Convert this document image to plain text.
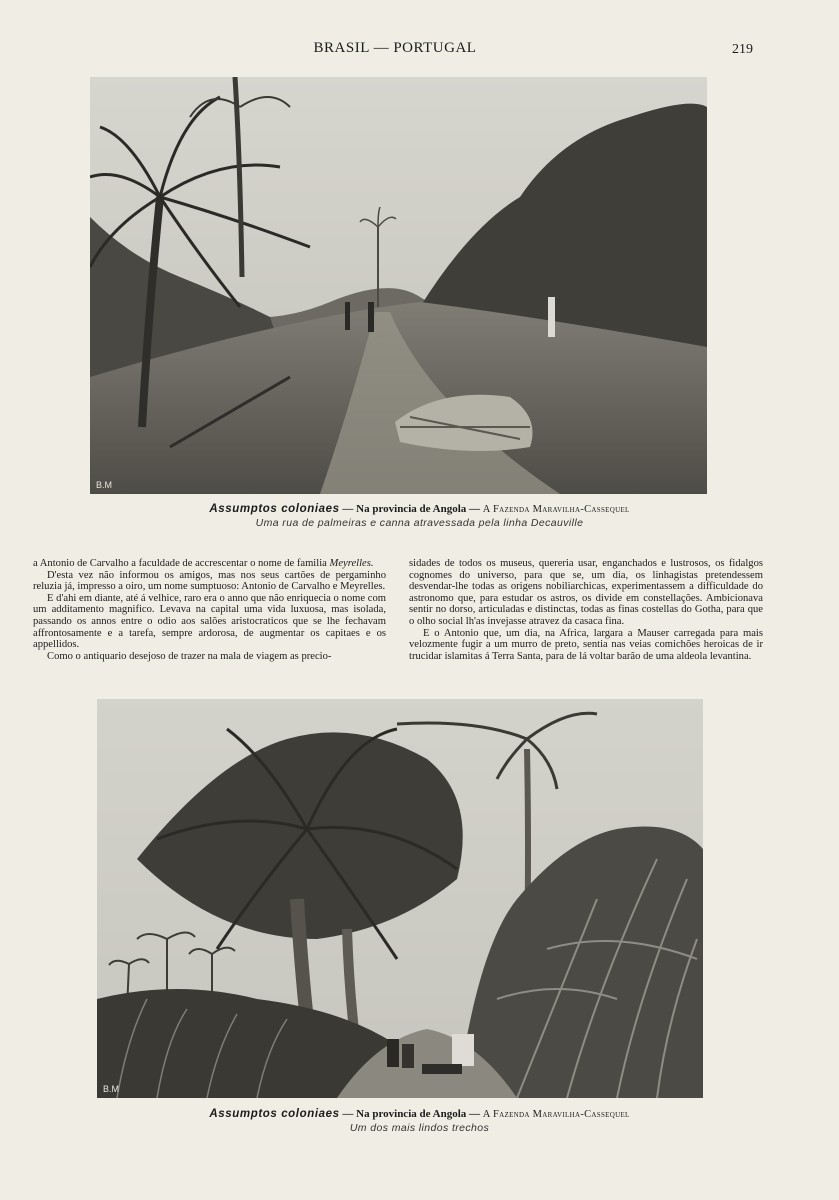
BRASIL — PORTUGAL	219
B.M
Assumptos coloniaes — Na provincia de Angola — A Fazenda Maravilha-Cassequel
Uma rua de palmeiras e canna atravessada pela linha Decauville

a Antonio de Carvalho a faculdade de accrescentar o nome de familia Meyrelles.

D'esta vez não informou os amigos, mas nos seus cartões de pergaminho reluzia já, impresso a oiro, um nome sumptuoso: Antonio de Carvalho e Meyrelles.

E d'ahi em diante, até á velhice, raro era o anno que não enriquecia o nome com um additamento magnifico. Levava na capital uma vida luxuosa, mas isolada, passando os annos entre o odio aos salões aristocraticos que se lhe fechavam affrontosamente e a tarefa, sempre ardorosa, de augmentar os capitaes e os appellidos.

Como o antiquario desejoso de trazer na mala de viagem as precio-

sidades de todos os museus, quereria usar, enganchados e lustrosos, os fidalgos cognomes do universo, para que se, um dia, os linhagistas pretendessem desvendar-lhe todas as origens nobiliarchicas, experimentassem a difficuldade do astronomo que, para estudar os astros, os divide em constellações. Ambicionava sentir no dorso, articuladas e distinctas, todas as finas costellas do Gotha, para que o olho social lh'as invejasse atravez da casaca fina.

E o Antonio que, um dia, na Africa, largara a Mauser carregada para mais velozmente fugir a um murro de preto, sentia nas veias comichões heroicas de ir trucidar islamitas á Terra Santa, para de lá voltar barão de uma aldeola levantina.

B.M
Assumptos coloniaes — Na provincia de Angola — A Fazenda Maravilha-Cassequel
Um dos mais lindos trechos
